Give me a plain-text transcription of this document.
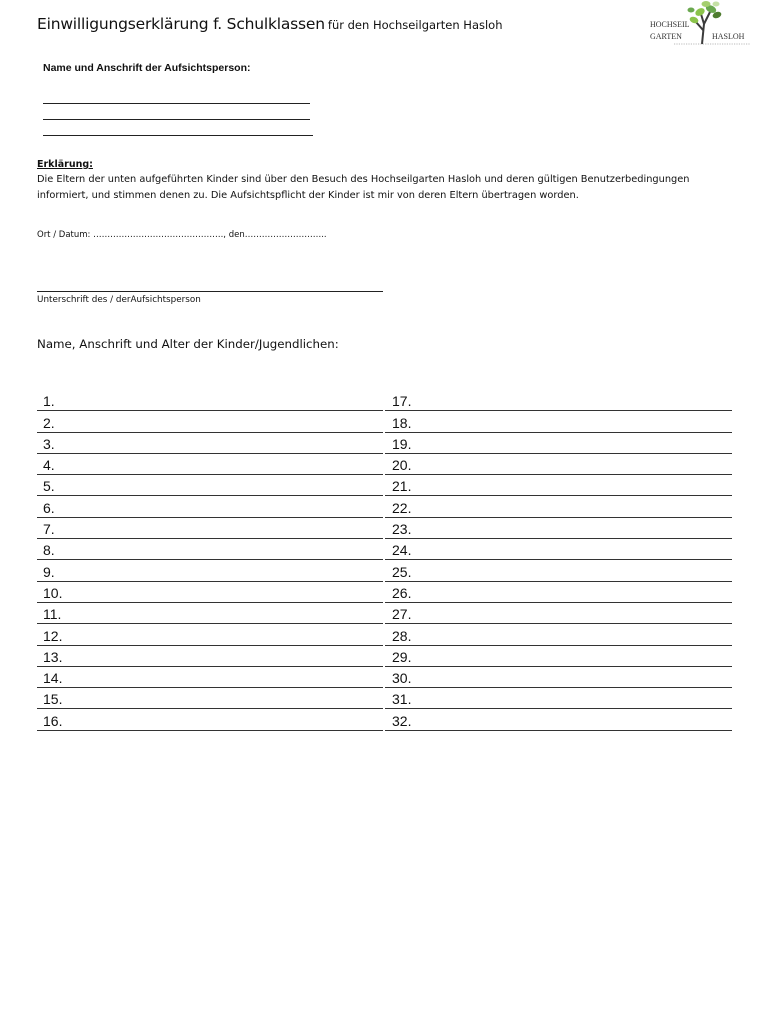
Einwilligungserklärung f. Schulklassen für den Hochseilgarten Hasloh	HOCHSEIL
GARTEN	HASLOH
Name und Anschrift der Aufsichtsperson:
Erklärung:
Die Eltern der unten aufgeführten Kinder sind über den Besuch des Hochseilgarten Hasloh und deren gültigen Benutzerbedingungen informiert, und stimmen denen zu. Die Aufsichtspflicht der Kinder ist mir von deren Eltern übertragen worden.
Ort / Datum: ………………………………………., den………………………..
Unterschrift des / derAufsichtsperson
Name, Anschrift und Alter der Kinder/Jugendlichen:
1.	17.
2.	18.
3.	19.
4.	20.
5.	21.
6.	22.
7.	23.
8.	24.
9.	25.
10.	26.
11.	27.
12.	28.
13.	29.
14.	30.
15.	31.
16.	32.
